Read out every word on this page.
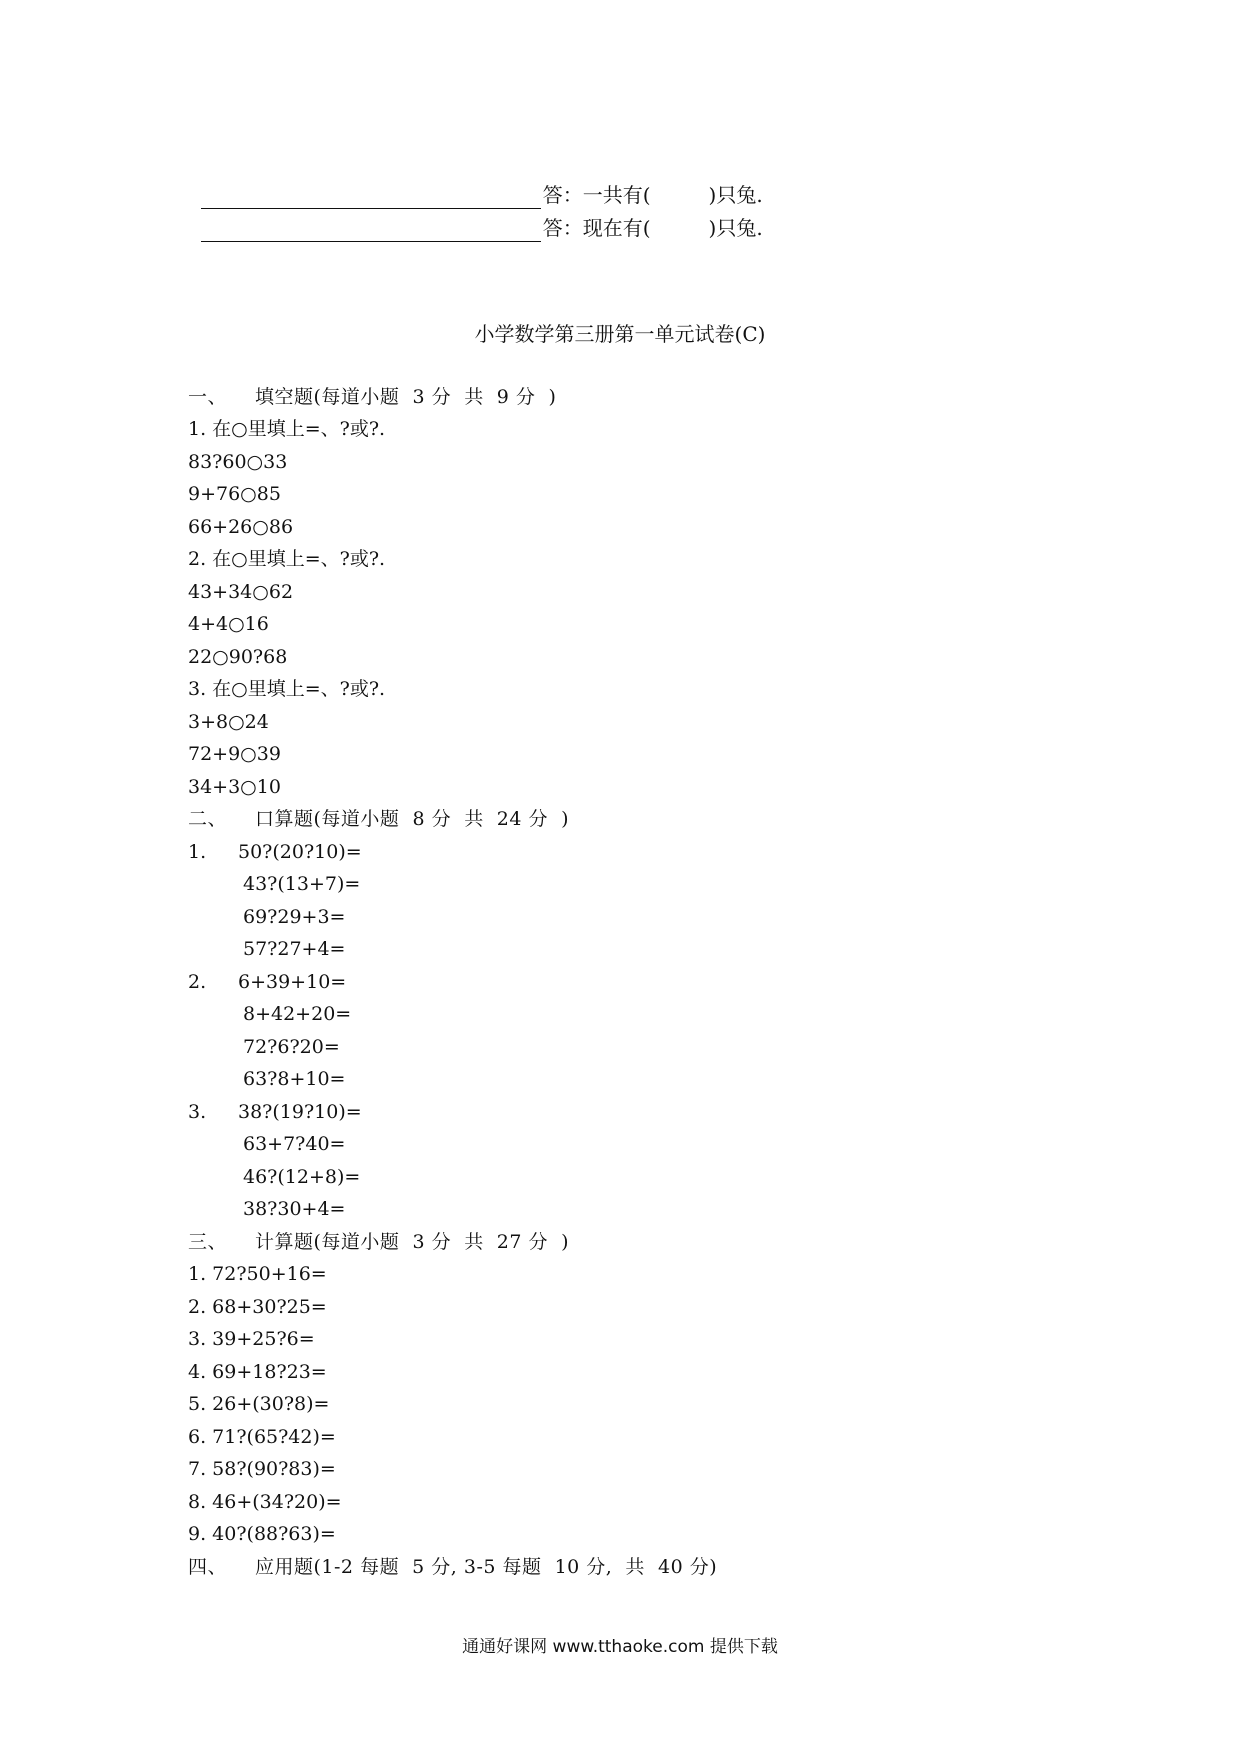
答：一共有(	)只兔.

答：现在有(	)只兔.

小学数学第三册第一单元试卷(C)
一、 填空题(每道小题  3 分  共  9 分  )
1. 在○里填上=、?或?.
83?60○33
9+76○85
66+26○86
2. 在○里填上=、?或?.
43+34○62
4+4○16
22○90?68
3. 在○里填上=、?或?.
3+8○24
72+9○39
34+3○10
二、 口算题(每道小题  8 分  共  24 分  )
1. 50?(20?10)=
43?(13+7)=
69?29+3=
57?27+4=
2. 6+39+10=
8+42+20=
72?6?20=
63?8+10=
3. 38?(19?10)=
63+7?40=
46?(12+8)=
38?30+4=
三、 计算题(每道小题  3 分  共  27 分  )
1. 72?50+16=
2. 68+30?25=
3. 39+25?6=
4. 69+18?23=
5. 26+(30?8)=
6. 71?(65?42)=
7. 58?(90?83)=
8. 46+(34?20)=
9. 40?(88?63)=
四、 应用题(1-2 每题  5 分, 3-5 每题  10 分,  共  40 分)
通通好课网 www.tthaoke.com 提供下载
